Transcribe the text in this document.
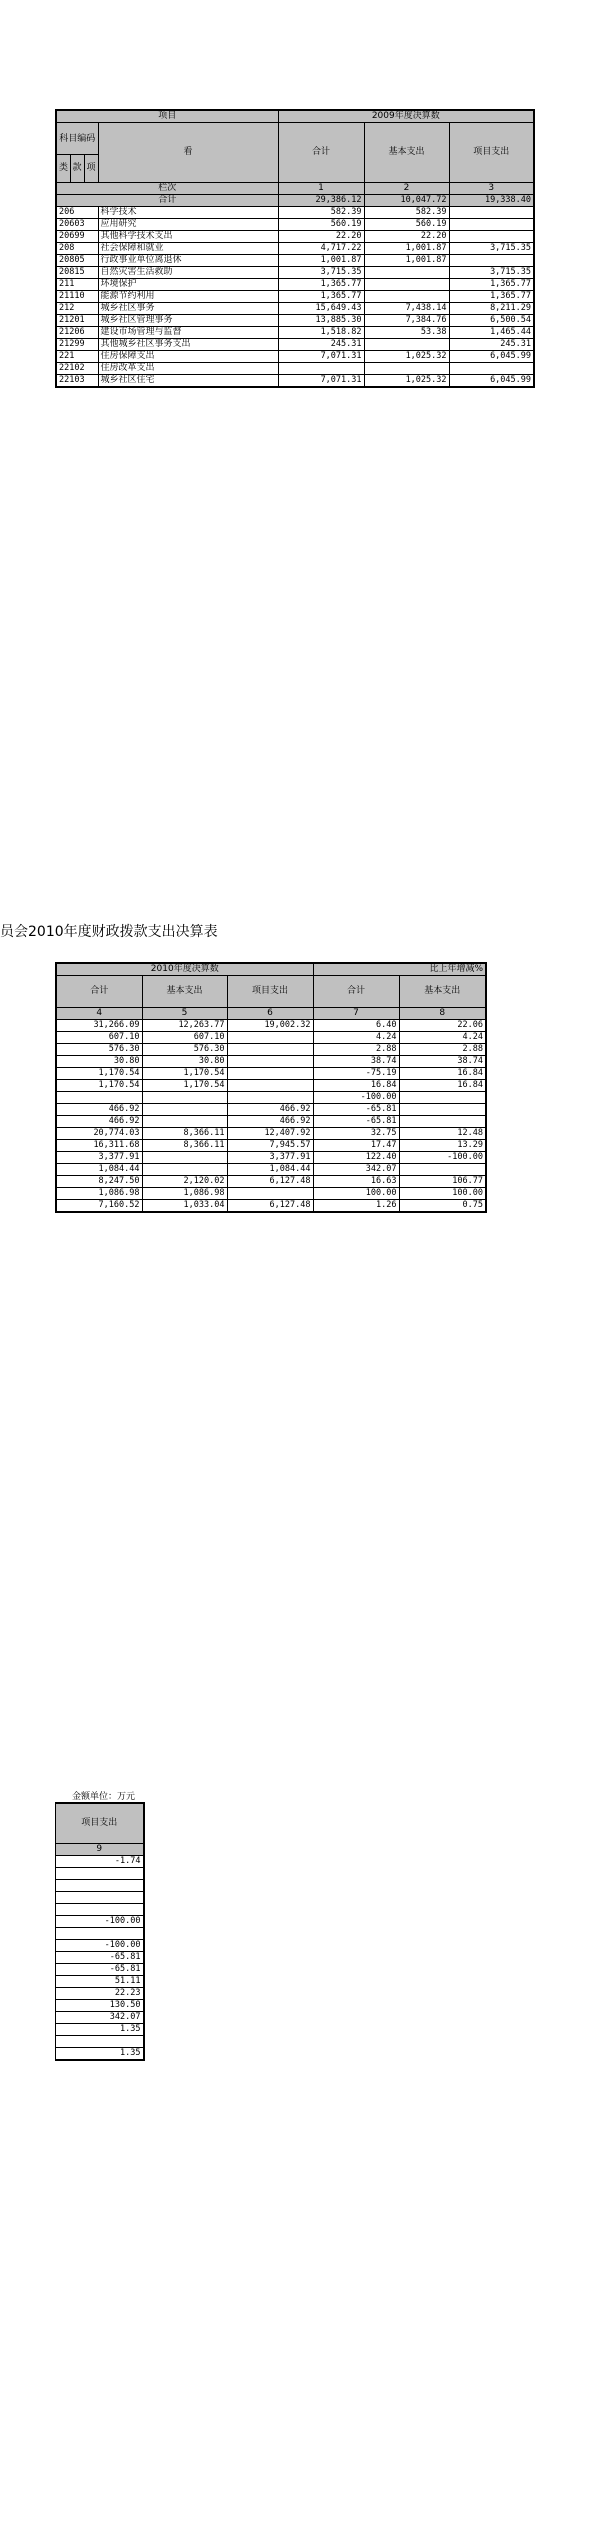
项目				2009年度决算数		
科目编码			看	合计	基本支出	项目支出
类	款	项				
栏次				1	2	3
合计				29,386.12	10,047.72	19,338.40
206			科学技术	582.39	582.39	
20603			应用研究	560.19	560.19	
20699			其他科学技术支出	22.20	22.20	
208			社会保障和就业	4,717.22	1,001.87	3,715.35
20805			行政事业单位离退休	1,001.87	1,001.87	
20815			自然灾害生活救助	3,715.35		3,715.35
211			环境保护	1,365.77		1,365.77
21110			能源节约利用	1,365.77		1,365.77
212			城乡社区事务	15,649.43	7,438.14	8,211.29
21201			城乡社区管理事务	13,885.30	7,384.76	6,500.54
21206			建设市场管理与监督	1,518.82	53.38	1,465.44
21299			其他城乡社区事务支出	245.31		245.31
221			住房保障支出	7,071.31	1,025.32	6,045.99
22102			住房改革支出			
22103			城乡社区住宅	7,071.31	1,025.32	6,045.99
员会2010年度财政拨款支出决算表
2010年度决算数			比上年增减%	
合计	基本支出	项目支出	合计	基本支出
4	5	6	7	8
31,266.09	12,263.77	19,002.32	6.40	22.06
607.10	607.10		4.24	4.24
576.30	576.30		2.88	2.88
30.80	30.80		38.74	38.74
1,170.54	1,170.54		-75.19	16.84
1,170.54	1,170.54		16.84	16.84
			-100.00	
466.92		466.92	-65.81	
466.92		466.92	-65.81	
20,774.03	8,366.11	12,407.92	32.75	12.48
16,311.68	8,366.11	7,945.57	17.47	13.29
3,377.91		3,377.91	122.40	-100.00
1,084.44		1,084.44	342.07	
8,247.50	2,120.02	6,127.48	16.63	106.77
1,086.98	1,086.98		100.00	100.00
7,160.52	1,033.04	6,127.48	1.26	0.75
金额单位：万元
项目支出
9
-1.74

-100.00

-100.00
-65.81
-65.81
51.11
22.23
130.50
342.07
1.35

1.35
